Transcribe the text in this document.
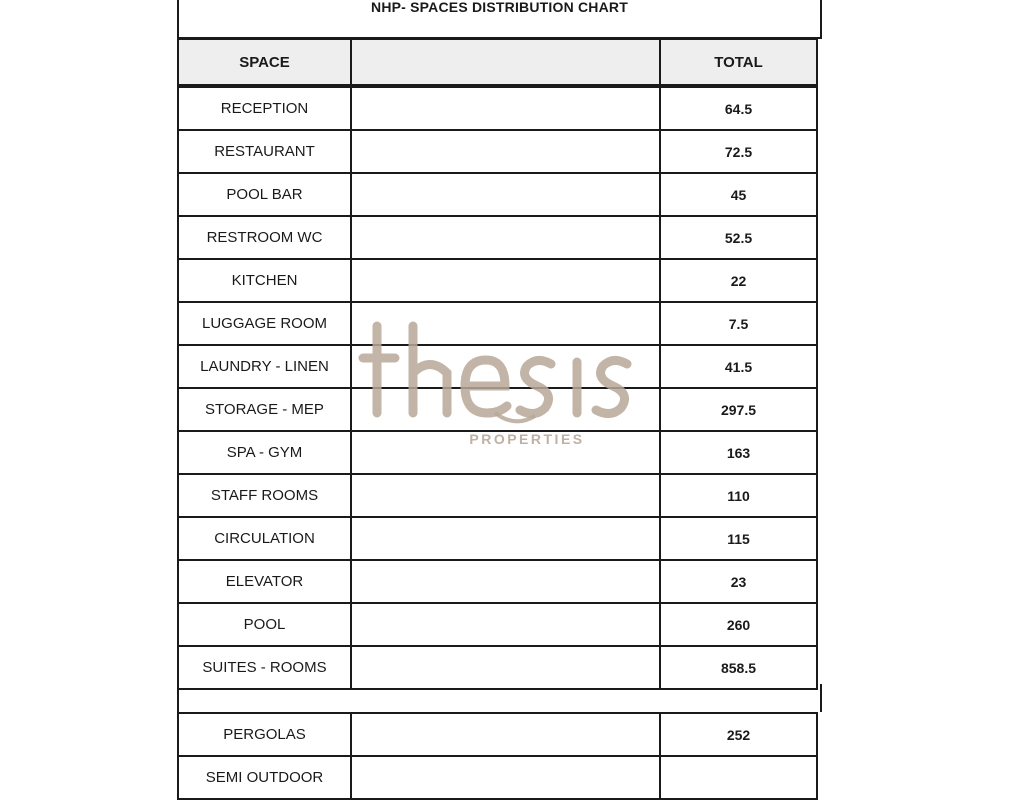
NHP- SPACES DISTRIBUTION CHART
SPACE	TOTAL
RECEPTION	64.5
RESTAURANT	72.5
POOL BAR	45
RESTROOM WC	52.5
KITCHEN	22
LUGGAGE ROOM	7.5
LAUNDRY - LINEN	41.5
STORAGE - MEP	297.5
SPA - GYM	163
STAFF ROOMS	110
CIRCULATION	115
ELEVATOR	23
POOL	260
SUITES - ROOMS	858.5
PERGOLAS	252
SEMI OUTDOOR
PROPERTIES
